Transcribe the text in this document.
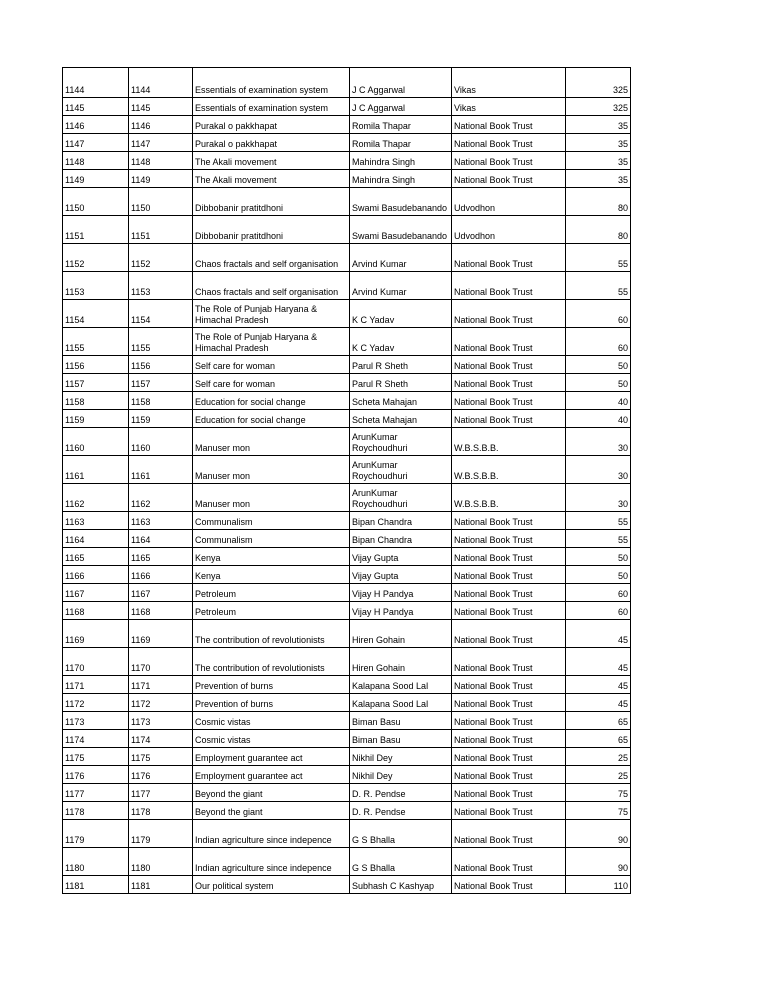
1144	1144	Essentials of examination system	J C Aggarwal	Vikas	325
1145	1145	Essentials of examination system	J C Aggarwal	Vikas	325
1146	1146	Purakal o pakkhapat	Romila Thapar	National Book Trust	35
1147	1147	Purakal o pakkhapat	Romila Thapar	National Book Trust	35
1148	1148	The Akali movement	Mahindra Singh	National Book Trust	35
1149	1149	The Akali movement	Mahindra Singh	National Book Trust	35
1150	1150	Dibbobanir pratitdhoni	Swami Basudebanando	Udvodhon	80
1151	1151	Dibbobanir pratitdhoni	Swami Basudebanando	Udvodhon	80
1152	1152	Chaos fractals and self organisation	Arvind Kumar	National Book Trust	55
1153	1153	Chaos fractals and self organisation	Arvind Kumar	National Book Trust	55
1154	1154	The Role of Punjab Haryana & Himachal Pradesh	K C Yadav	National Book Trust	60
1155	1155	The Role of Punjab Haryana & Himachal Pradesh	K C Yadav	National Book Trust	60
1156	1156	Self care for woman	Parul R Sheth	National Book Trust	50
1157	1157	Self care for woman	Parul R Sheth	National Book Trust	50
1158	1158	Education for social change	Scheta Mahajan	National Book Trust	40
1159	1159	Education for social change	Scheta Mahajan	National Book Trust	40
1160	1160	Manuser mon	ArunKumar Roychoudhuri	W.B.S.B.B.	30
1161	1161	Manuser mon	ArunKumar Roychoudhuri	W.B.S.B.B.	30
1162	1162	Manuser mon	ArunKumar Roychoudhuri	W.B.S.B.B.	30
1163	1163	Communalism	Bipan Chandra	National Book Trust	55
1164	1164	Communalism	Bipan Chandra	National Book Trust	55
1165	1165	Kenya	Vijay Gupta	National Book Trust	50
1166	1166	Kenya	Vijay Gupta	National Book Trust	50
1167	1167	Petroleum	Vijay H Pandya	National Book Trust	60
1168	1168	Petroleum	Vijay H Pandya	National Book Trust	60
1169	1169	The contribution of revolutionists	Hiren Gohain	National Book Trust	45
1170	1170	The contribution of revolutionists	Hiren Gohain	National Book Trust	45
1171	1171	Prevention of burns	Kalapana Sood Lal	National Book Trust	45
1172	1172	Prevention of burns	Kalapana Sood Lal	National Book Trust	45
1173	1173	Cosmic vistas	Biman Basu	National Book Trust	65
1174	1174	Cosmic vistas	Biman Basu	National Book Trust	65
1175	1175	Employment guarantee act	Nikhil Dey	National Book Trust	25
1176	1176	Employment guarantee act	Nikhil Dey	National Book Trust	25
1177	1177	Beyond the giant	D. R. Pendse	National Book Trust	75
1178	1178	Beyond the giant	D. R. Pendse	National Book Trust	75
1179	1179	Indian agriculture since indepence	G S Bhalla	National Book Trust	90
1180	1180	Indian agriculture since indepence	G S Bhalla	National Book Trust	90
1181	1181	Our political system	Subhash C Kashyap	National Book Trust	110
